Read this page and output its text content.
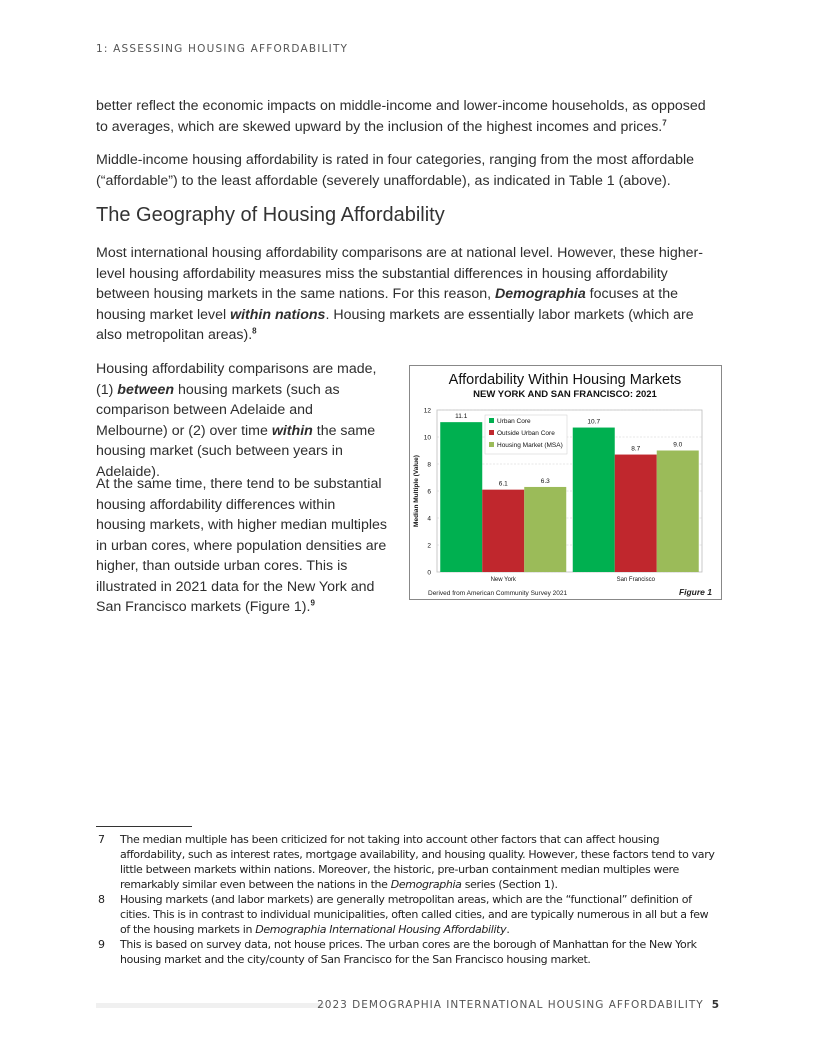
1: ASSESSING HOUSING AFFORDABILITY

better reflect the economic impacts on middle-income and lower-income households, as opposed to averages, which are skewed upward by the inclusion of the highest incomes and prices.$^7$

Middle-income housing affordability is rated in four categories, ranging from the most affordable (“affordable”) to the least affordable (severely unaffordable), as indicated in Table 1 (above).

The Geography of Housing Affordability

Most international housing affordability comparisons are at national level. However, these higher-level housing affordability measures miss the substantial differences in housing affordability between housing markets in the same nations. For this reason, Demographia focuses at the housing market level within nations. Housing markets are essentially labor markets (which are also metropolitan areas).$^8$

Housing affordability comparisons are made, (1) between housing markets (such as comparison between Adelaide and Melbourne) or (2) over time within the same housing market (such between years in Adelaide).

At the same time, there tend to be substantial housing affordability differences within housing markets, with higher median multiples in urban cores, where population densities are higher, than outside urban cores. This is illustrated in 2021 data for the New York and San Francisco markets (Figure 1).$^9$

Affordability Within Housing Markets
NEW YORK AND SAN FRANCISCO: 2021
Median Multiple (Value)
0
2
4
6
8
10
12
11.1
6.1	6.3
New York
10.7
8.7
9.0
San Francisco
Urban Core
Outside Urban Core
Housing Market (MSA)
Derived from American Community Survey 2021	Figure 1

7 The median multiple has been criticized for not taking into account other factors that can affect housing affordability, such as interest rates, mortgage availability, and housing quality. However, these factors tend to vary little between markets within nations. Moreover, the historic, pre-urban containment median multiples were remarkably similar even between the nations in the Demographia series (Section 1).

8 Housing markets (and labor markets) are generally metropolitan areas, which are the “functional” definition of cities. This is in contrast to individual municipalities, often called cities, and are typically numerous in all but a few of the housing markets in Demographia International Housing Affordability.

9 This is based on survey data, not house prices. The urban cores are the borough of Manhattan for the New York housing market and the city/county of San Francisco for the San Francisco housing market.

2023 DEMOGRAPHIA INTERNATIONAL HOUSING AFFORDABILITY 5
